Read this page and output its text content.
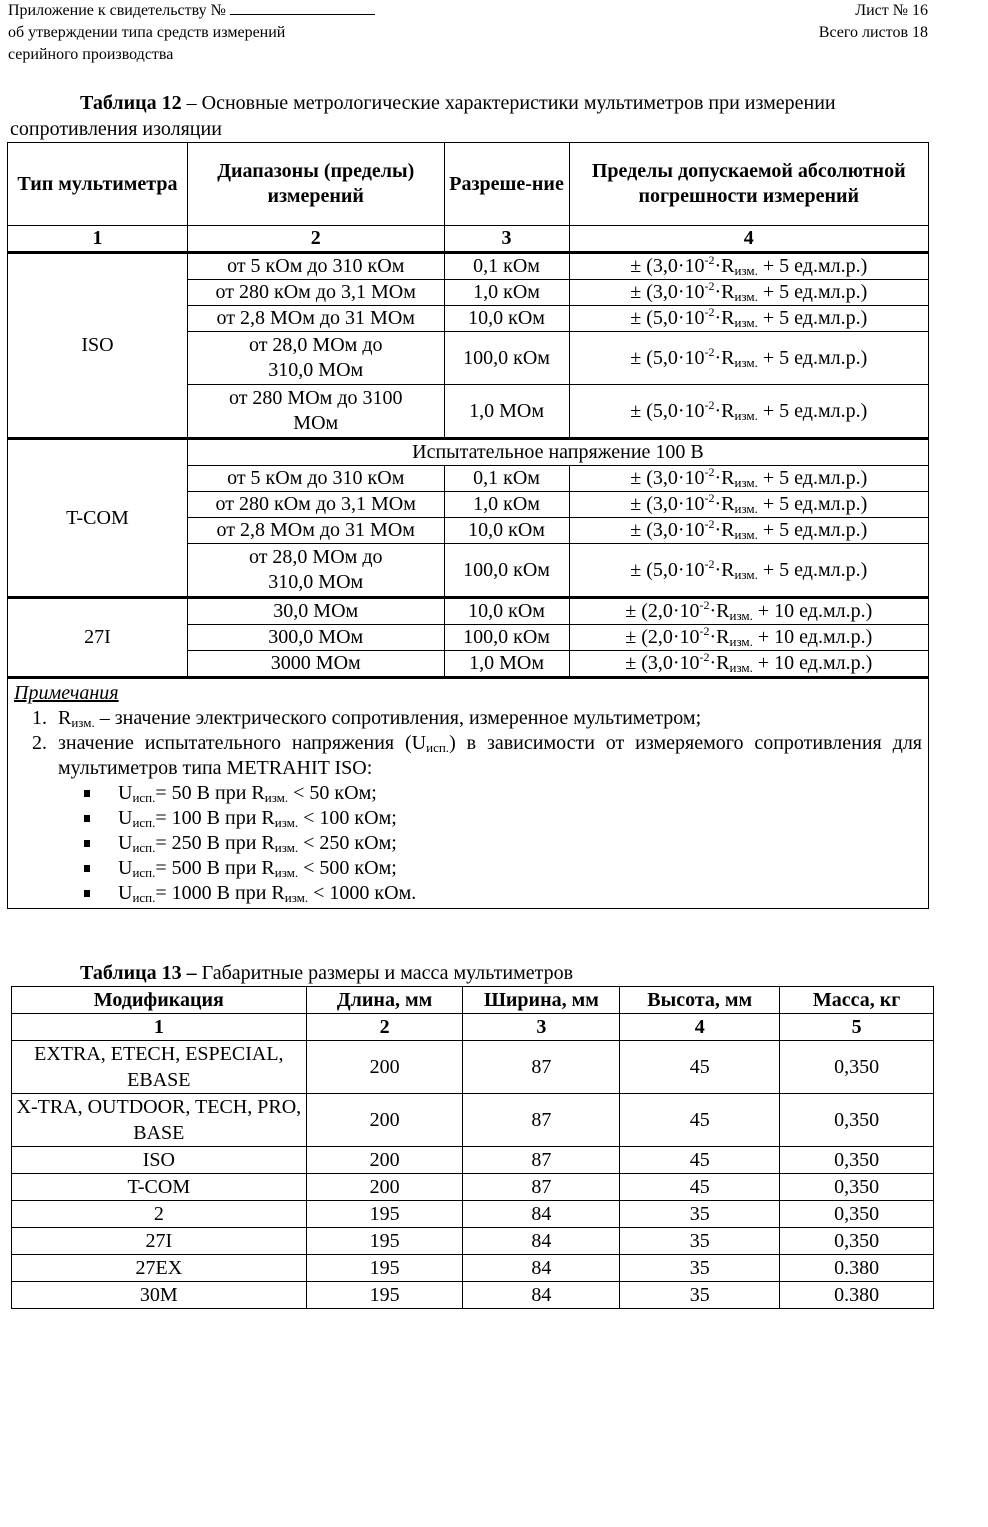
Приложение к свидетельству №
об утверждении типа средств измерений
серийного производства
Лист № 16
Всего листов 18
Таблица 12 – Основные метрологические характеристики мультиметров при измерении сопротивления изоляции
Тип мультиметра	Диапазоны (пределы) измерений	Разреше-ние	Пределы допускаемой абсолютной погрешности измерений
1	2	3	4
ISO	от 5 кОм до 310 кОм	0,1 кОм	± ($3,0\cdot 10^{-2}\cdot R_{изм.} + 5$ ед.мл.р.)
	от 280 кОм до 3,1 МОм	1,0 кОм	± ($3,0\cdot 10^{-2}\cdot R_{изм.} + 5$ ед.мл.р.)
	от 2,8 МОм до 31 МОм	10,0 кОм	± ($5,0\cdot 10^{-2}\cdot R_{изм.} + 5$ ед.мл.р.)
	от 28,0 МОм до 310,0 МОм	100,0 кОм	± ($5,0\cdot 10^{-2}\cdot R_{изм.} + 5$ ед.мл.р.)
	от 280 МОм до 3100 МОм	1,0 МОм	± ($5,0\cdot 10^{-2}\cdot R_{изм.} + 5$ ед.мл.р.)
T-COM	Испытательное напряжение 100 В		
	от 5 кОм до 310 кОм	0,1 кОм	± ($3,0\cdot 10^{-2}\cdot R_{изм.} + 5$ ед.мл.р.)
	от 280 кОм до 3,1 МОм	1,0 кОм	± ($3,0\cdot 10^{-2}\cdot R_{изм.} + 5$ ед.мл.р.)
	от 2,8 МОм до 31 МОм	10,0 кОм	± ($3,0\cdot 10^{-2}\cdot R_{изм.} + 5$ ед.мл.р.)
	от 28,0 МОм до 310,0 МОм	100,0 кОм	± ($5,0\cdot 10^{-2}\cdot R_{изм.} + 5$ ед.мл.р.)
27I	30,0 МОм	10,0 кОм	± ($2,0\cdot 10^{-2}\cdot R_{изм.} + 10$ ед.мл.р.)
	300,0 МОм	100,0 кОм	± ($2,0\cdot 10^{-2}\cdot R_{изм.} + 10$ ед.мл.р.)
	3000 МОм	1,0 МОм	± ($3,0\cdot 10^{-2}\cdot R_{изм.} + 10$ ед.мл.р.)

Примечания
1. $R_{изм.}$ – значение электрического сопротивления, измеренное мультиметром;
2. значение испытательного напряжения $(U_{исп.})$ в зависимости от измеряемого сопротивления для мультиметров типа METRAHIT ISO:
$U_{исп.}= 50$ В при $R_{изм.} < 50$ кОм;
$U_{исп.}= 100$ В при $R_{изм.} < 100$ кОм;
$U_{исп.}= 250$ В при $R_{изм.} < 250$ кОм;
$U_{исп.}= 500$ В при $R_{изм.} < 500$ кОм;
$U_{исп.}= 1000$ В при $R_{изм.} < 1000$ кОм.
Таблица 13 – Габаритные размеры и масса мультиметров
Модификация	Длина, мм	Ширина, мм	Высота, мм	Масса, кг
1	2	3	4	5
EXTRA, ETECH, ESPECIAL, EBASE	200	87	45	0,350
X-TRA, OUTDOOR, TECH, PRO, BASE	200	87	45	0,350
ISO	200	87	45	0,350
T-COM	200	87	45	0,350
2	195	84	35	0,350
27I	195	84	35	0,350
27EX	195	84	35	0.380
30M	195	84	35	0.380
